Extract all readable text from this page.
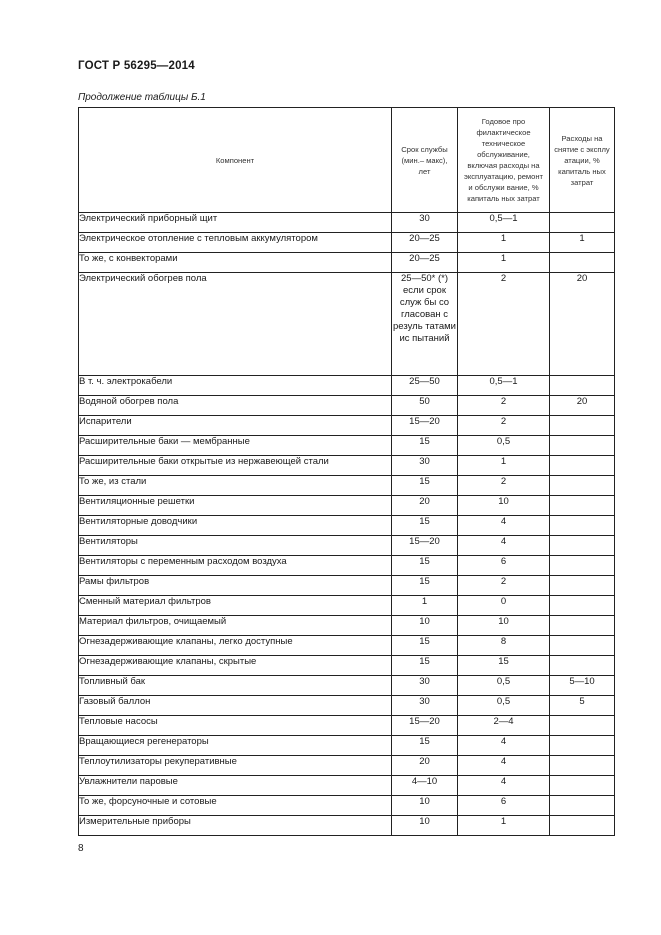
ГОСТ Р 56295—2014
Продолжение таблицы Б.1
Компонент	Срок службы (мин.– макс), лет	Годовое про филактическое техническое обслуживание, включая расходы на эксплуатацию, ремонт и обслужи вание, % капиталь ных затрат	Расходы на снятие с эксплу атации, % капиталь ных затрат
Электрический приборный щит	30	0,5—1	
Электрическое отопление с тепловым аккумулятором	20—25	1	1
То же, с конвекторами	20—25	1	
Электрический обогрев пола	25—50* (*) если срок служ бы со гласован с резуль татами ис пытаний	2	20
В т. ч. электрокабели	25—50	0,5—1	
Водяной обогрев пола	50	2	20
Испарители	15—20	2	
Расширительные баки — мембранные	15	0,5	
Расширительные баки открытые из нержавеющей стали	30	1	
То же, из стали	15	2	
Вентиляционные решетки	20	10	
Вентиляторные доводчики	15	4	
Вентиляторы	15—20	4	
Вентиляторы с переменным расходом воздуха	15	6	
Рамы фильтров	15	2	
Сменный материал фильтров	1	0	
Материал фильтров, очищаемый	10	10	
Огнезадерживающие клапаны, легко доступные	15	8	
Огнезадерживающие клапаны, скрытые	15	15	
Топливный бак	30	0,5	5—10
Газовый баллон	30	0,5	5
Тепловые насосы	15—20	2—4	
Вращающиеся регенераторы	15	4	
Теплоутилизаторы рекуперативные	20	4	
Увлажнители паровые	4—10	4	
То же, форсуночные и сотовые	10	6	
Измерительные приборы	10	1	
8
